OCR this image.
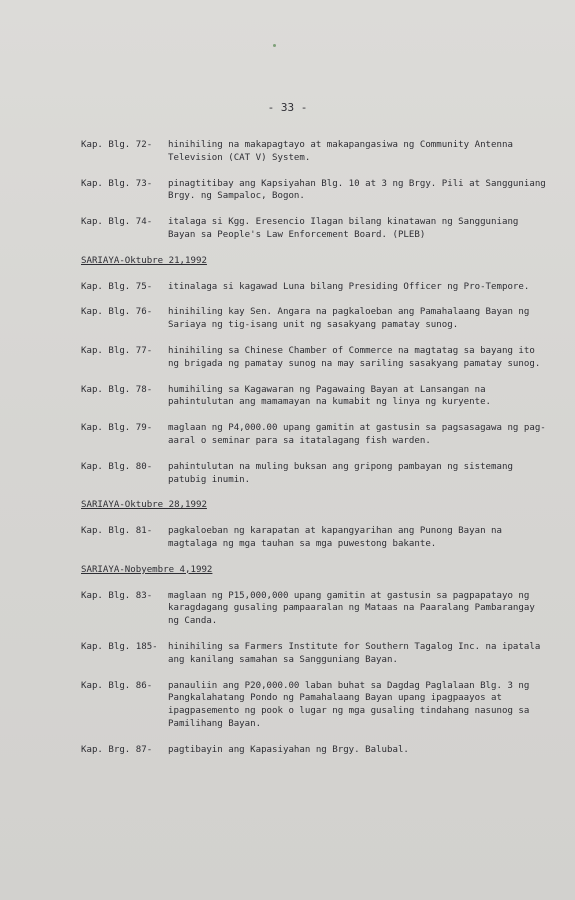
- 33 -
Kap. Blg. 72-	hinihiling na makapagtayo at makapangasiwa ng Community Antenna Television (CAT V) System.
Kap. Blg. 73-	pinagtitibay ang Kapsiyahan Blg. 10 at 3 ng Brgy. Pili at Sangguniang Brgy. ng Sampaloc, Bogon.
Kap. Blg. 74-	italaga si Kgg. Eresencio Ilagan bilang kinatawan ng Sangguniang Bayan sa People's Law Enforcement Board. (PLEB)
SARIAYA-Oktubre 21,1992
Kap. Blg. 75-	itinalaga si kagawad Luna bilang Presiding Officer ng Pro-Tempore.
Kap. Blg. 76-	hinihiling kay Sen. Angara na pagkaloeban ang Pamahalaang Bayan ng Sariaya ng tig-isang unit ng sasakyang pamatay sunog.
Kap. Blg. 77-	hinihiling sa Chinese Chamber of Commerce na magtatag sa bayang ito ng brigada ng pamatay sunog na may sariling sasakyang pamatay sunog.
Kap. Blg. 78-	humihiling sa Kagawaran ng Pagawaing Bayan at Lansangan na pahintulutan ang mamamayan na kumabit ng linya ng kuryente.
Kap. Blg. 79-	maglaan ng P4,000.00 upang gamitin at gastusin sa pagsasagawa ng pag-aaral o seminar para sa itatalagang fish warden.
Kap. Blg. 80-	pahintulutan na muling buksan ang gripong pambayan ng sistemang patubig inumin.
SARIAYA-Oktubre 28,1992
Kap. Blg. 81-	pagkaloeban ng karapatan at kapangyarihan ang Punong Bayan na magtalaga ng mga tauhan sa mga puwestong bakante.
SARIAYA-Nobyembre 4,1992
Kap. Blg. 83-	maglaan ng P15,000,000 upang gamitin at gastusin sa pagpapatayo ng karagdagang gusaling pampaaralan ng Mataas na Paaralang Pambarangay ng Canda.
Kap. Blg. 185-	hinihiling sa Farmers Institute for Southern Tagalog Inc. na ipatala ang kanilang samahan sa Sangguniang Bayan.
Kap. Blg. 86-	panauliin ang P20,000.00 laban buhat sa Dagdag Paglalaan Blg. 3 ng Pangkalahatang Pondo ng Pamahalaang Bayan upang ipagpaayos at ipagpasemento ng pook o lugar ng mga gusaling tindahang nasunog sa Pamilihang Bayan.
Kap. Brg. 87-	pagtibayin ang Kapasiyahan ng Brgy. Balubal.
